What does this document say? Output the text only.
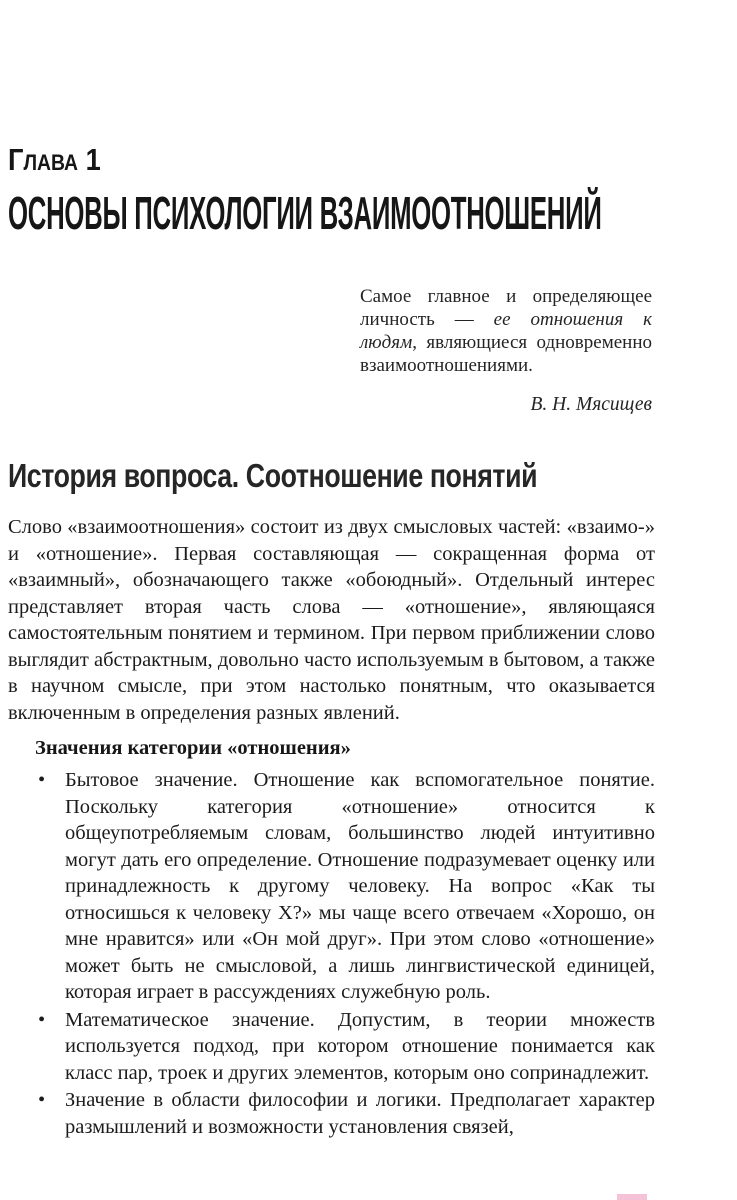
Глава 1
ОСНОВЫ ПСИХОЛОГИИ ВЗАИМООТНОШЕНИЙ
Самое главное и определяющее личность — ее отношения к людям, являющиеся одновременно взаимоотношениями.
В. Н. Мясищев
История вопроса. Соотношение понятий
Слово «взаимоотношения» состоит из двух смысловых частей: «взаимо-» и «отношение». Первая составляющая — сокращенная форма от «взаимный», обозначающего также «обоюдный». Отдельный интерес представляет вторая часть слова — «отношение», являющаяся самостоятельным понятием и термином. При первом приближении слово выглядит абстрактным, довольно часто используемым в бытовом, а также в научном смысле, при этом настолько понятным, что оказывается включенным в определения разных явлений.
Значения категории «отношения»
• Бытовое значение. Отношение как вспомогательное понятие. Поскольку категория «отношение» относится к общеупотребляемым словам, большинство людей интуитивно могут дать его определение. Отношение подразумевает оценку или принадлежность к другому человеку. На вопрос «Как ты относишься к человеку Х?» мы чаще всего отвечаем «Хорошо, он мне нравится» или «Он мой друг». При этом слово «отношение» может быть не смысловой, а лишь лингвистической единицей, которая играет в рассуждениях служебную роль.
• Математическое значение. Допустим, в теории множеств используется подход, при котором отношение понимается как класс пар, троек и других элементов, которым оно сопринадлежит.
• Значение в области философии и логики. Предполагает характер размышлений и возможности установления связей,
